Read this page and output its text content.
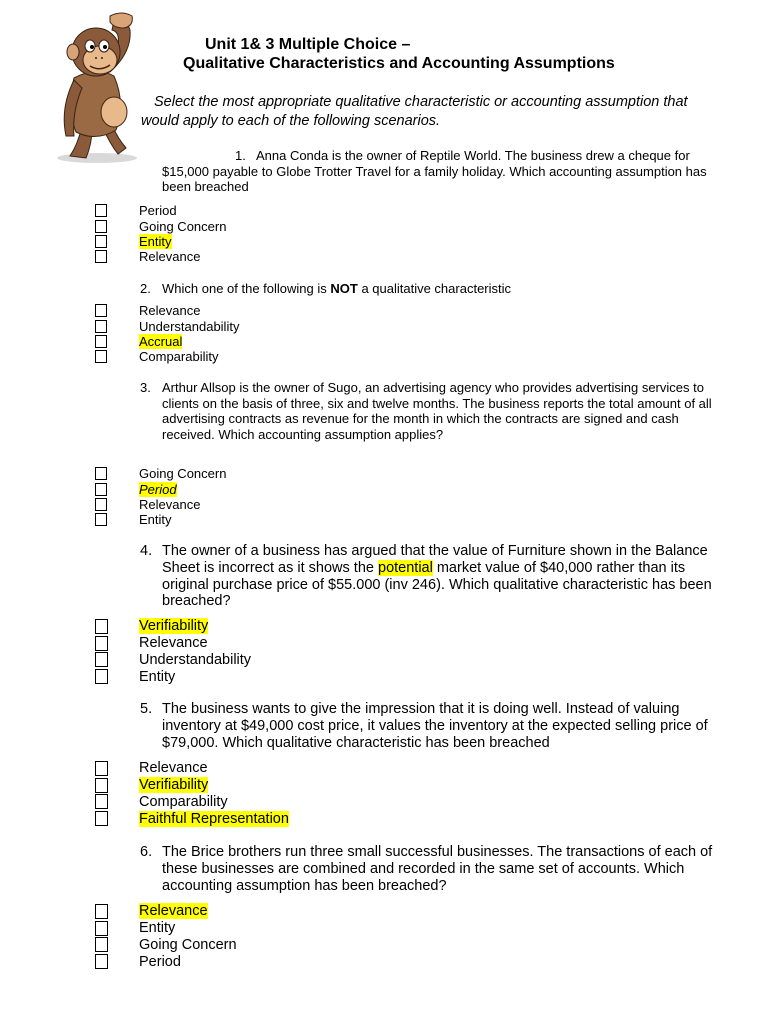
Unit 1& 3 Multiple Choice –

Qualitative Characteristics and Accounting Assumptions

Select the most appropriate qualitative characteristic or accounting assumption that would apply to each of the following scenarios.

1. Anna Conda is the owner of Reptile World. The business drew a cheque for $15,000 payable to Globe Trotter Travel for a family holiday. Which accounting assumption has been breached

Period
Going Concern
Entity
Relevance

2. Which one of the following is NOT a qualitative characteristic

Relevance
Understandability
Accrual
Comparability

3. Arthur Allsop is the owner of Sugo, an advertising agency who provides advertising services to clients on the basis of three, six and twelve months. The business reports the total amount of all advertising contracts as revenue for the month in which the contracts are signed and cash received. Which accounting assumption applies?

Going Concern
Period
Relevance
Entity

4. The owner of a business has argued that the value of Furniture shown in the Balance Sheet is incorrect as it shows the potential market value of $40,000 rather than its original purchase price of $55.000 (inv 246). Which qualitative characteristic has been breached?

Verifiability
Relevance
Understandability
Entity

5. The business wants to give the impression that it is doing well. Instead of valuing inventory at $49,000 cost price, it values the inventory at the expected selling price of $79,000. Which qualitative characteristic has been breached

Relevance
Verifiability
Comparability
Faithful Representation

6. The Brice brothers run three small successful businesses. The transactions of each of these businesses are combined and recorded in the same set of accounts. Which accounting assumption has been breached?

Relevance
Entity
Going Concern
Period
